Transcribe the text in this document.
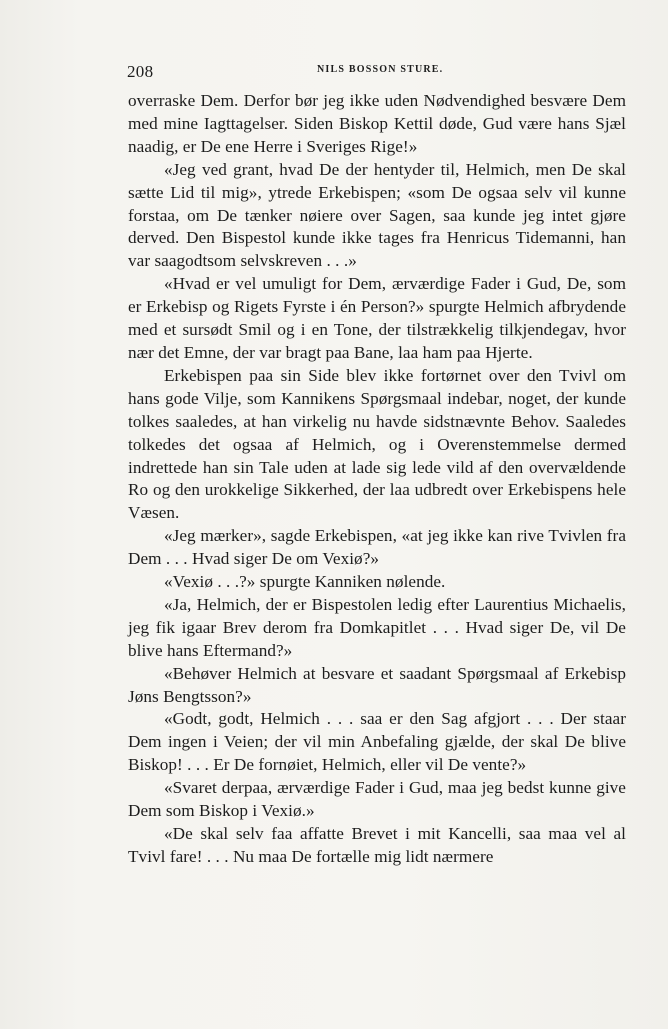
208	NILS BOSSON STURE.

overraske Dem. Derfor bør jeg ikke uden Nødvendighed besvære Dem med mine Iagttagelser. Siden Biskop Kettil døde, Gud være hans Sjæl naadig, er De ene Herre i Sveriges Rige!»

«Jeg ved grant, hvad De der hentyder til, Helmich, men De skal sætte Lid til mig», ytrede Erkebispen; «som De ogsaa selv vil kunne forstaa, om De tænker nøiere over Sagen, saa kunde jeg intet gjøre derved. Den Bispestol kunde ikke tages fra Henricus Tidemanni, han var saagodtsom selvskreven . . .»

«Hvad er vel umuligt for Dem, ærværdige Fader i Gud, De, som er Erkebisp og Rigets Fyrste i én Person?» spurgte Helmich afbrydende med et sursødt Smil og i en Tone, der tilstrækkelig tilkjendegav, hvor nær det Emne, der var bragt paa Bane, laa ham paa Hjerte.

Erkebispen paa sin Side blev ikke fortørnet over den Tvivl om hans gode Vilje, som Kannikens Spørgsmaal indebar, noget, der kunde tolkes saaledes, at han virkelig nu havde sidstnævnte Behov. Saaledes tolkedes det ogsaa af Helmich, og i Overenstemmelse dermed indrettede han sin Tale uden at lade sig lede vild af den overvældende Ro og den urokkelige Sikkerhed, der laa udbredt over Erkebispens hele Væsen.

«Jeg mærker», sagde Erkebispen, «at jeg ikke kan rive Tvivlen fra Dem . . . Hvad siger De om Vexiø?»

«Vexiø . . .?» spurgte Kanniken nølende.

«Ja, Helmich, der er Bispestolen ledig efter Laurentius Michaelis, jeg fik igaar Brev derom fra Domkapitlet . . . Hvad siger De, vil De blive hans Eftermand?»

«Behøver Helmich at besvare et saadant Spørgsmaal af Erkebisp Jøns Bengtsson?»

«Godt, godt, Helmich . . . saa er den Sag afgjort . . . Der staar Dem ingen i Veien; der vil min Anbefaling gjælde, der skal De blive Biskop! . . . Er De fornøiet, Helmich, eller vil De vente?»

«Svaret derpaa, ærværdige Fader i Gud, maa jeg bedst kunne give Dem som Biskop i Vexiø.»

«De skal selv faa affatte Brevet i mit Kancelli, saa maa vel al Tvivl fare! . . . Nu maa De fortælle mig lidt nærmere
